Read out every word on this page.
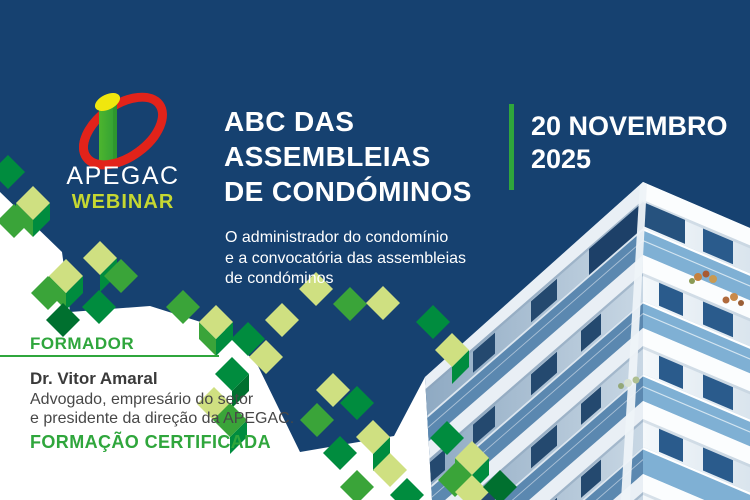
APEGAC
WEBINAR
ABC DAS
ASSEMBLEIAS
DE CONDÓMINOS
O administrador do condomínio
e a convocatória das assembleias
de condóminos
20 NOVEMBRO
2025
FORMADOR
Dr. Vitor Amaral
Advogado, empresário do setor
e presidente da direção da APEGAC.
FORMAÇÃO CERTIFICADA
